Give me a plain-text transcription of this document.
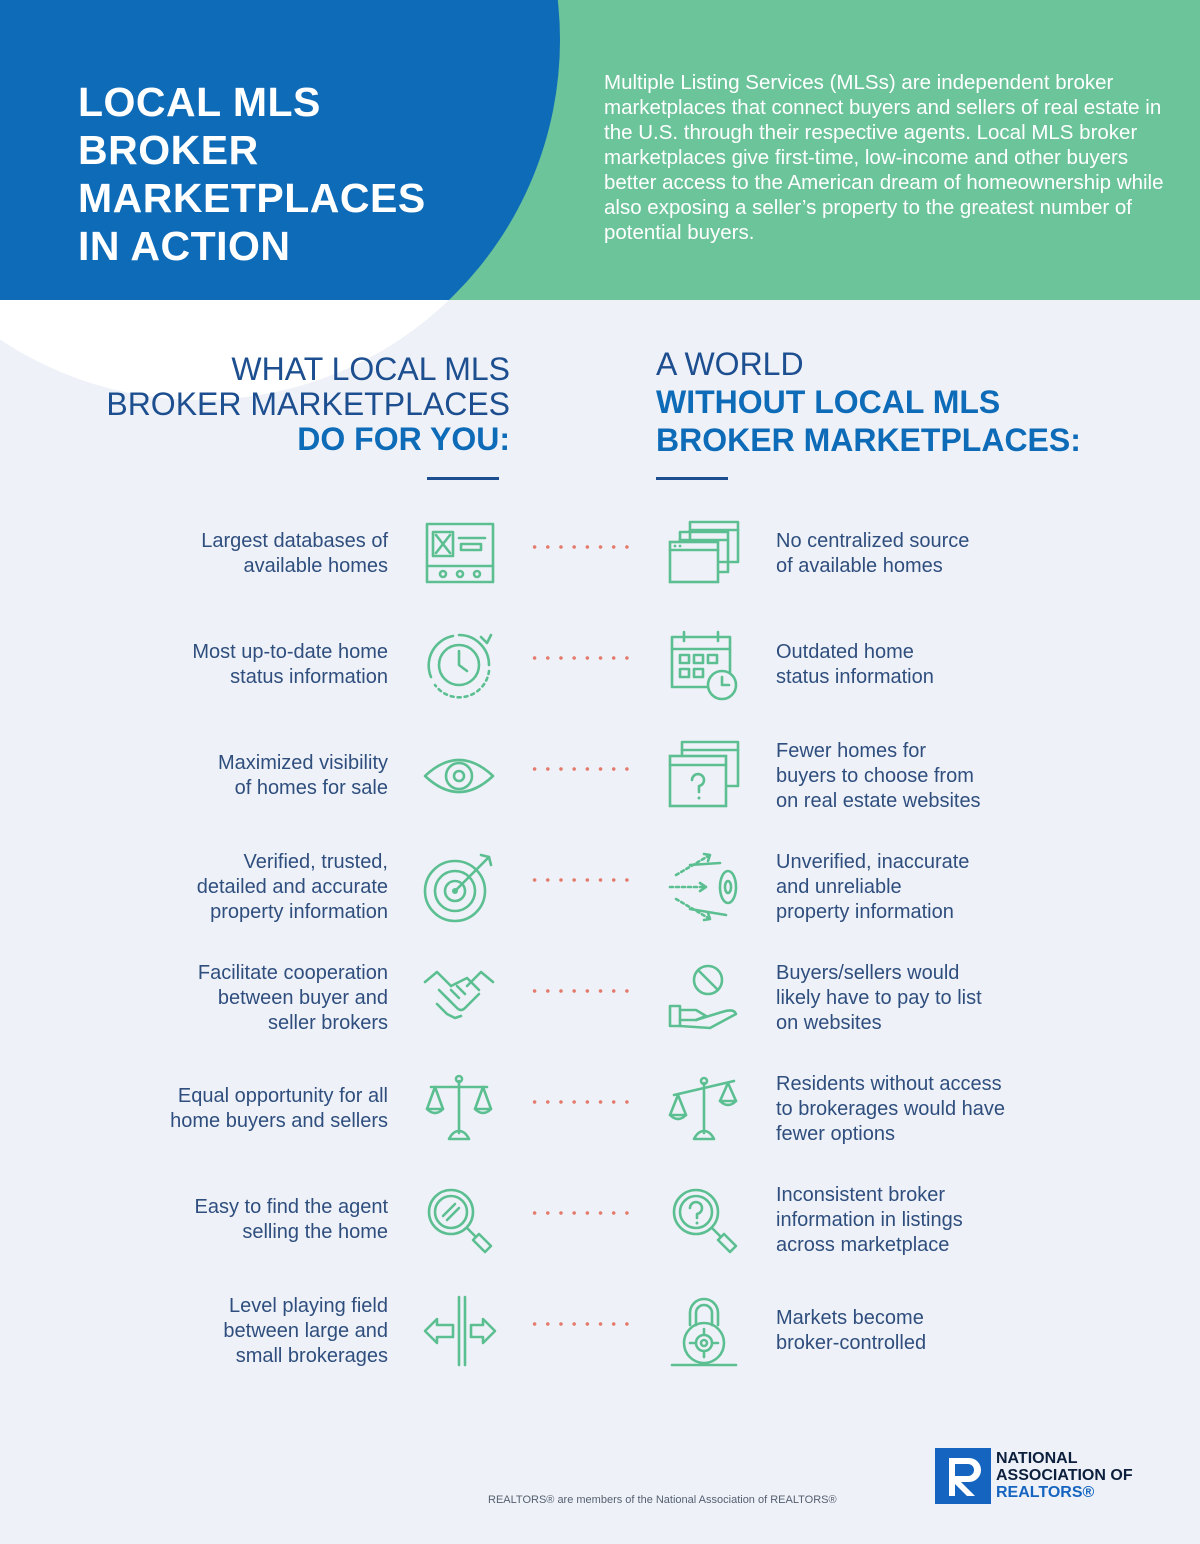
LOCAL MLS
BROKER
MARKETPLACES
IN ACTION

Multiple Listing Services (MLSs) are independent broker marketplaces that connect buyers and sellers of real estate in the U.S. through their respective agents. Local MLS broker marketplaces give first-time, low-income and other buyers better access to the American dream of homeownership while also exposing a seller’s property to the greatest number of potential buyers.

WHAT LOCAL MLS
BROKER MARKETPLACES
DO FOR YOU:
A WORLD
WITHOUT LOCAL MLS
BROKER MARKETPLACES:
Largest databases of
available homes
No centralized source
of available homes
Most up-to-date home
status information
Outdated home
status information
Maximized visibility
of homes for sale
Fewer homes for
buyers to choose from
on real estate websites
Verified, trusted,
detailed and accurate
property information
Unverified, inaccurate
and unreliable
property information
Facilitate cooperation
between buyer and
seller brokers
Buyers/sellers would
likely have to pay to list
on websites
Equal opportunity for all
home buyers and sellers
Residents without access
to brokerages would have
fewer options
Easy to find the agent
selling the home
Inconsistent broker
information in listings
across marketplace
Level playing field
between large and
small brokerages
Markets become
broker-controlled
REALTORS® are members of the National Association of REALTORS®
NATIONAL
ASSOCIATION OF
REALTORS®
